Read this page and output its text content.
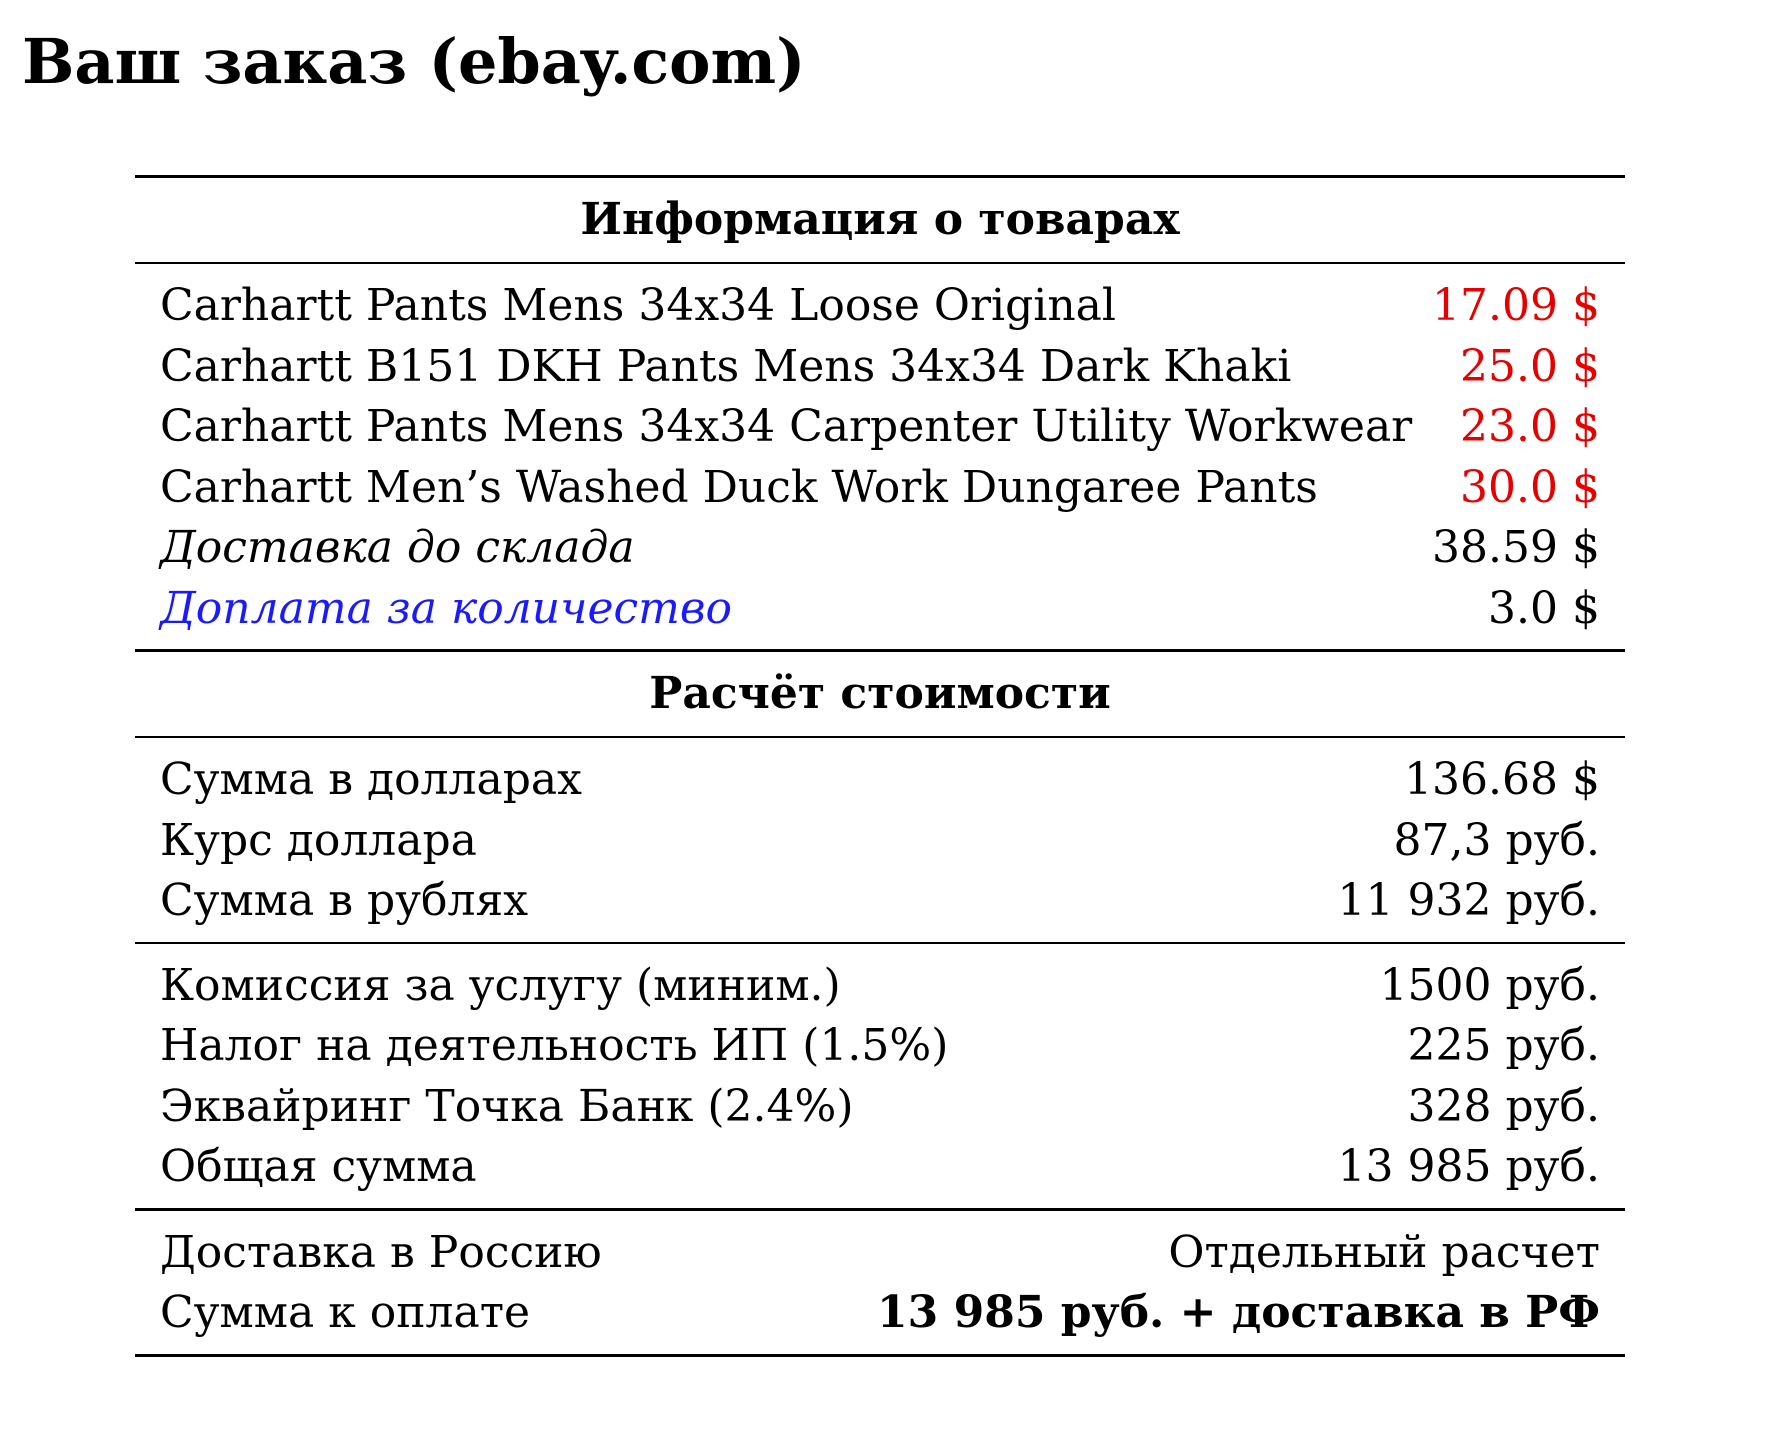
Ваш заказ (ebay.com)
Информация о товарах
Carhartt Pants Mens 34x34 Loose Original	17.09 $
Carhartt B151 DKH Pants Mens 34x34 Dark Khaki	25.0 $
Carhartt Pants Mens 34x34 Carpenter Utility Workwear 23.0 $
Carhartt Men’s Washed Duck Work Dungaree Pants	30.0 $
Доставка до склада	38.59 $
Доплата за количество	3.0 $
Расчёт стоимости
Сумма в долларах	136.68 $
Курс доллара	87,3 руб.
Сумма в рублях	11 932 руб.
Комиссия за услугу (миним.)	1500 руб.
Налог на деятельность ИП (1.5%)	225 руб.
Эквайринг Точка Банк (2.4%)	328 руб.
Общая сумма	13 985 руб.
Доставка в Россию	Отдельный расчет
Сумма к оплате	13 985 руб. + доставка в РФ
